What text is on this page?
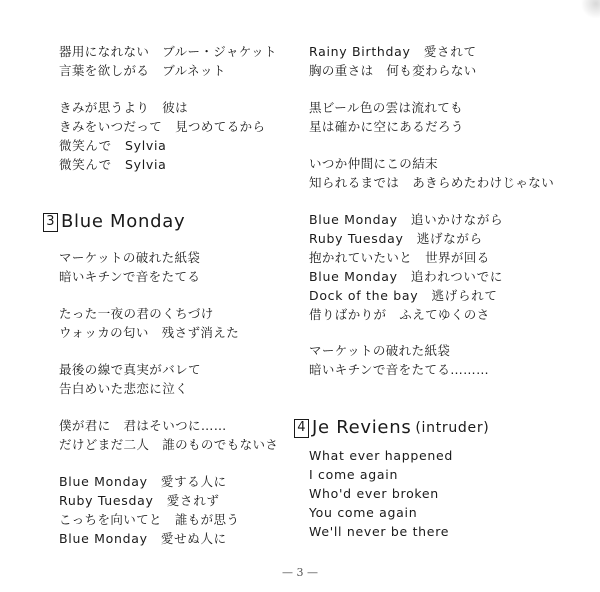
器用になれない　ブルー・ジャケット
言葉を欲しがる　ブルネット
きみが思うより　彼は
きみをいつだって　見つめてるから
微笑んで　Sylvia
微笑んで　Sylvia
3 Blue Monday
マーケットの破れた紙袋
暗いキチンで音をたてる
たった一夜の君のくちづけ
ウォッカの匂い　残さず消えた
最後の線で真実がバレて
告白めいた悲恋に泣く
僕が君に　君はそいつに……
だけどまだ二人　誰のものでもないさ
Blue Monday　愛する人に
Ruby Tuesday　愛されず
こっちを向いてと　誰もが思う
Blue Monday　愛せぬ人に
Rainy Birthday　愛されて
胸の重さは　何も変わらない
黒ビール色の雲は流れても
星は確かに空にあるだろう
いつか仲間にこの結末
知られるまでは　あきらめたわけじゃない
Blue Monday　追いかけながら
Ruby Tuesday　逃げながら
抱かれていたいと　世界が回る
Blue Monday　追われついでに
Dock of the bay　逃げられて
借りばかりが　ふえてゆくのさ
マーケットの破れた紙袋
暗いキチンで音をたてる………
4 Je Reviens (intruder)
What ever happened
I come again
Who'd ever broken
You come again
We'll never be there
— 3 —
